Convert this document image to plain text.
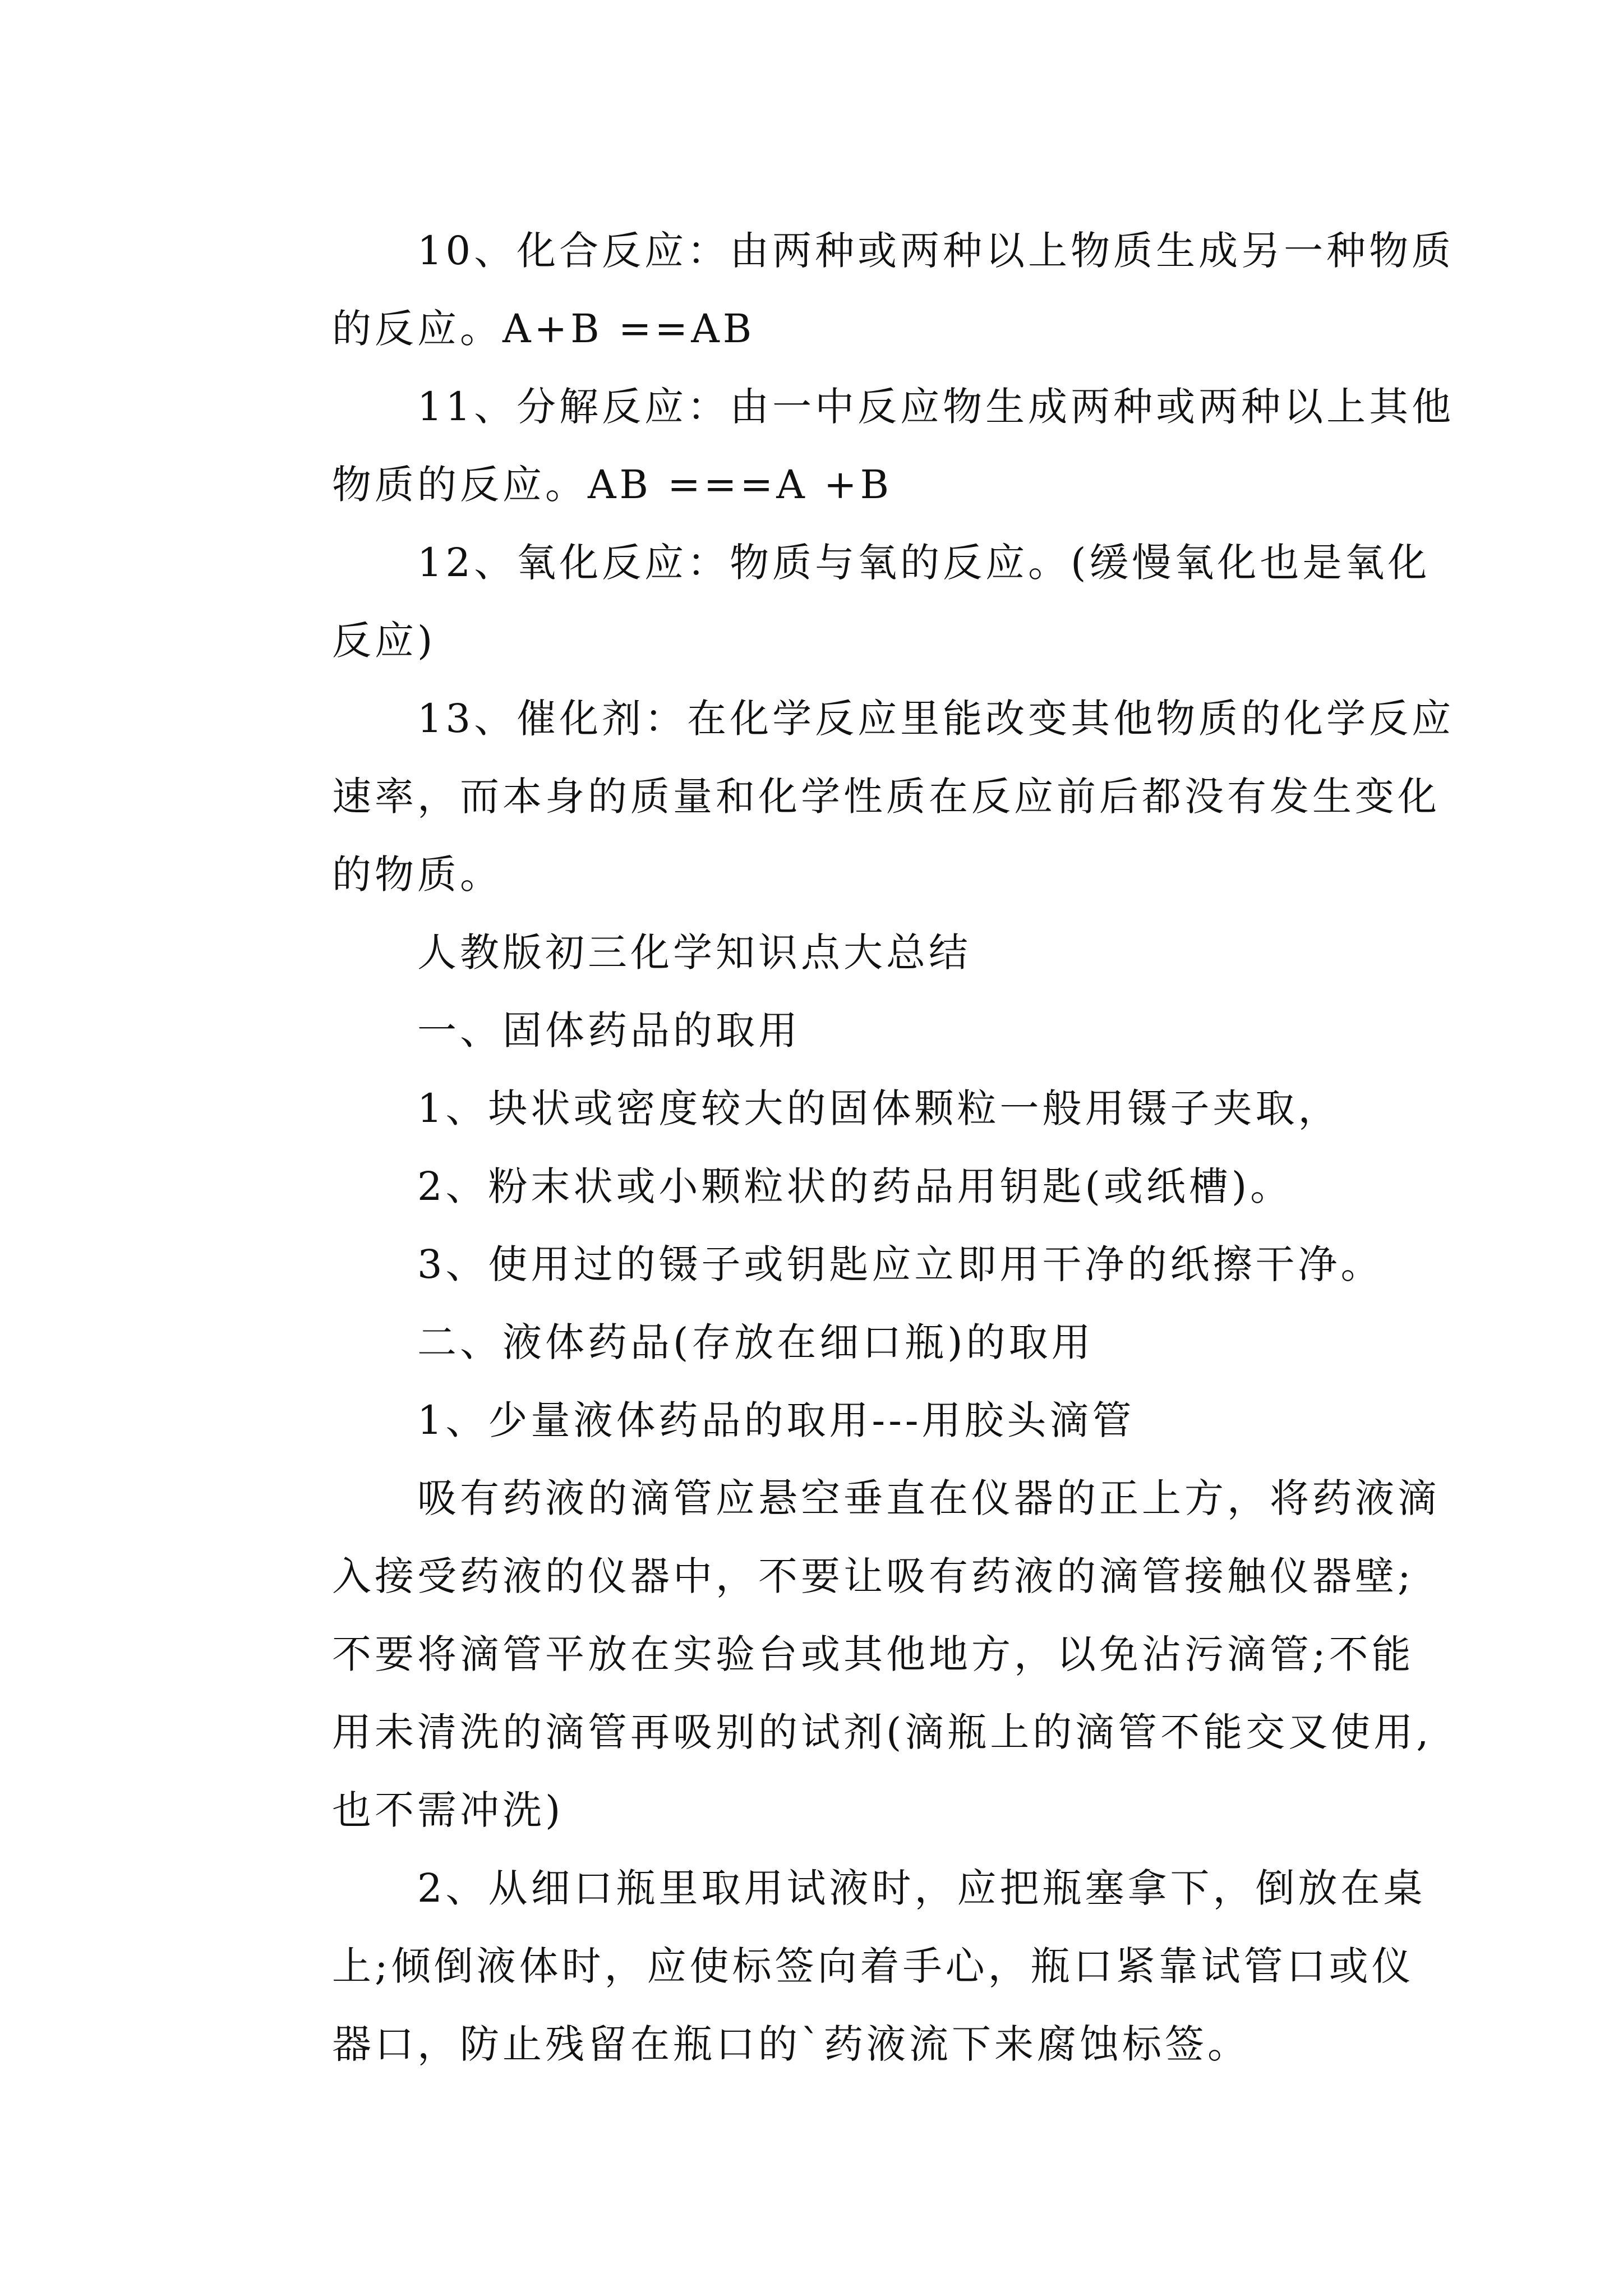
10、化合反应：由两种或两种以上物质生成另一种物质
的反应。A+B ==AB
11、分解反应：由一中反应物生成两种或两种以上其他
物质的反应。AB ===A +B
12、氧化反应：物质与氧的反应。(缓慢氧化也是氧化
反应)
13、催化剂：在化学反应里能改变其他物质的化学反应
速率，而本身的质量和化学性质在反应前后都没有发生变化
的物质。
人教版初三化学知识点大总结
一、固体药品的取用
1、块状或密度较大的固体颗粒一般用镊子夹取，
2、粉末状或小颗粒状的药品用钥匙(或纸槽)。
3、使用过的镊子或钥匙应立即用干净的纸擦干净。
二、液体药品(存放在细口瓶)的取用
1、少量液体药品的取用---用胶头滴管
吸有药液的滴管应悬空垂直在仪器的正上方，将药液滴
入接受药液的仪器中，不要让吸有药液的滴管接触仪器壁;
不要将滴管平放在实验台或其他地方，以免沾污滴管;不能
用未清洗的滴管再吸别的试剂(滴瓶上的滴管不能交叉使用,
也不需冲洗)
2、从细口瓶里取用试液时，应把瓶塞拿下，倒放在桌
上;倾倒液体时，应使标签向着手心，瓶口紧靠试管口或仪
器口，防止残留在瓶口的`药液流下来腐蚀标签。
